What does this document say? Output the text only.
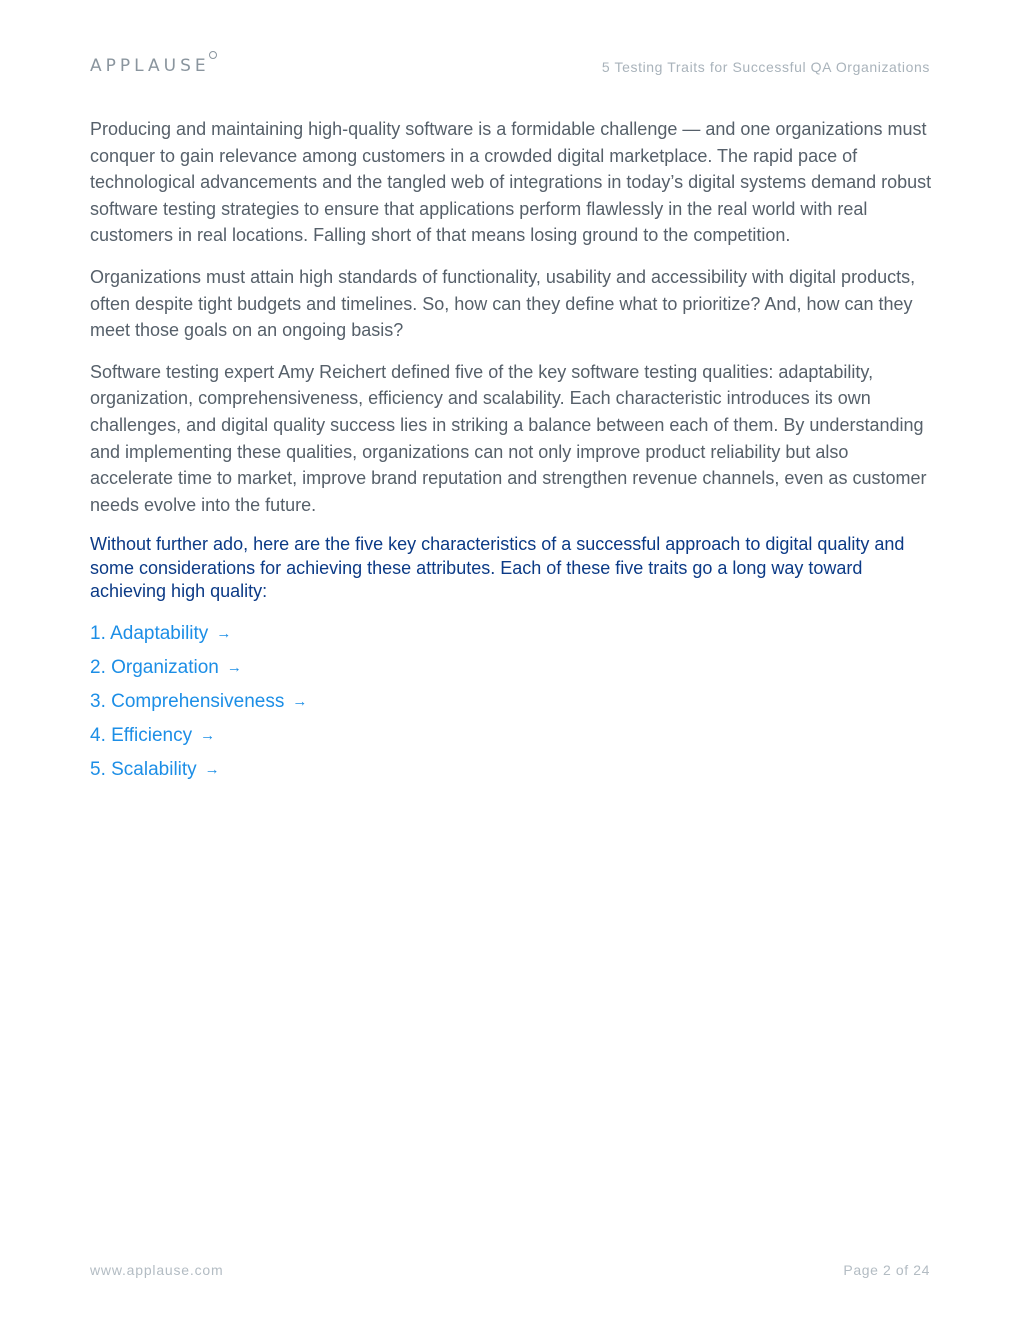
APPLAUSE	5 Testing Traits for Successful QA Organizations

Producing and maintaining high-quality software is a formidable challenge — and one organizations must conquer to gain relevance among customers in a crowded digital marketplace. The rapid pace of technological advancements and the tangled web of integrations in today’s digital systems demand robust software testing strategies to ensure that applications perform flawlessly in the real world with real customers in real locations. Falling short of that means losing ground to the competition.

Organizations must attain high standards of functionality, usability and accessibility with digital products, often despite tight budgets and timelines. So, how can they define what to prioritize? And, how can they meet those goals on an ongoing basis?

Software testing expert Amy Reichert defined five of the key software testing qualities: adaptability, organization, comprehensiveness, efficiency and scalability. Each characteristic introduces its own challenges, and digital quality success lies in striking a balance between each of them. By understanding and implementing these qualities, organizations can not only improve product reliability but also accelerate time to market, improve brand reputation and strengthen revenue channels, even as customer needs evolve into the future.

Without further ado, here are the five key characteristics of a successful approach to digital quality and some considerations for achieving these attributes. Each of these five traits go a long way toward achieving high quality:

1. Adaptability →
2. Organization →
3. Comprehensiveness →
4. Efficiency →
5. Scalability →
www.applause.com	Page 2 of 24
